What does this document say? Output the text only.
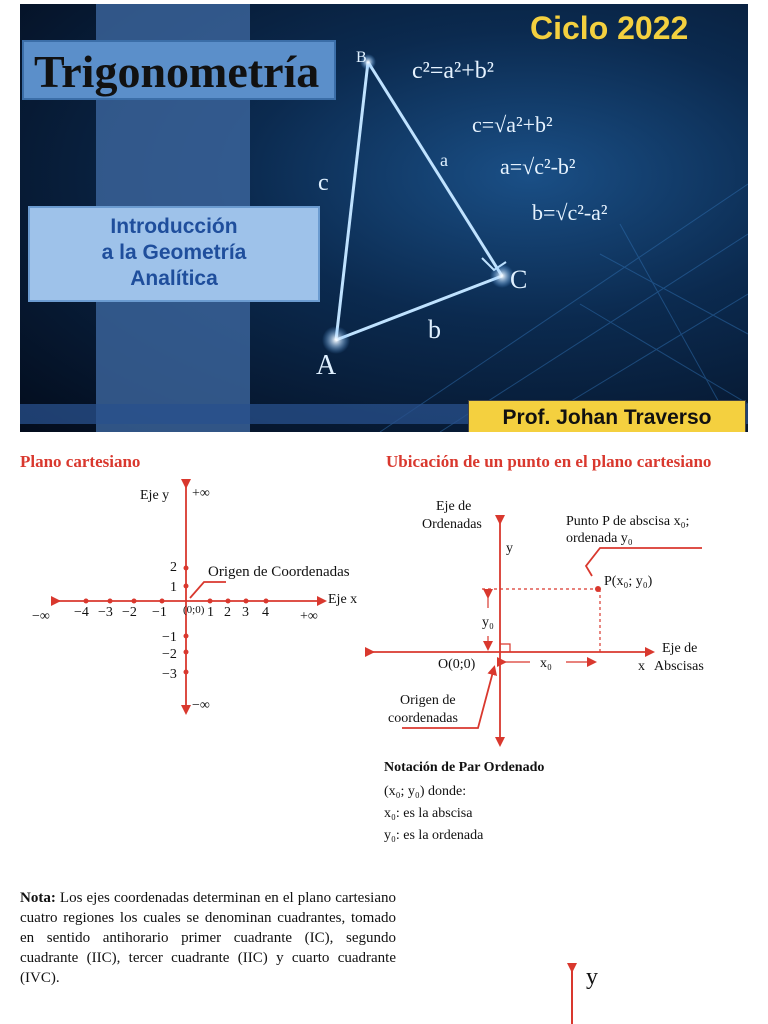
B
C
A
a
b
c
c²=a²+b²
c=√a²+b²
a=√c²-b²
b=√c²-a²
Trigonometría
Ciclo 2022
Introducción
a la Geometría
Analítica
Prof. Johan Traverso
Plano cartesiano	Ubicación de un punto en el plano cartesiano
Eje y +∞
−∞
Eje x
+∞
−∞ −4 −3 −2 −1 (0;0) 1 2 3 4
2
1
−1
−2
−3
Origen de Coordenadas
Eje de
Ordenadas
y
Punto P de abscisa x₀;
ordenada y₀
P(x₀; y₀)
y₀
x₀
O(0;0)	x
Eje de
Abscisas
Origen de
coordenadas
y
Notación de Par Ordenado
(x₀; y₀) donde:
x₀: es la abscisa
y₀: es la ordenada
Nota: Los ejes coordenadas determinan en el plano cartesiano cuatro regiones los cuales se denominan cuadrantes, tomado en sentido antihorario primer cuadrante (IC), segundo cuadrante (IIC), tercer cuadrante (IIC) y cuarto cuadrante (IVC).
